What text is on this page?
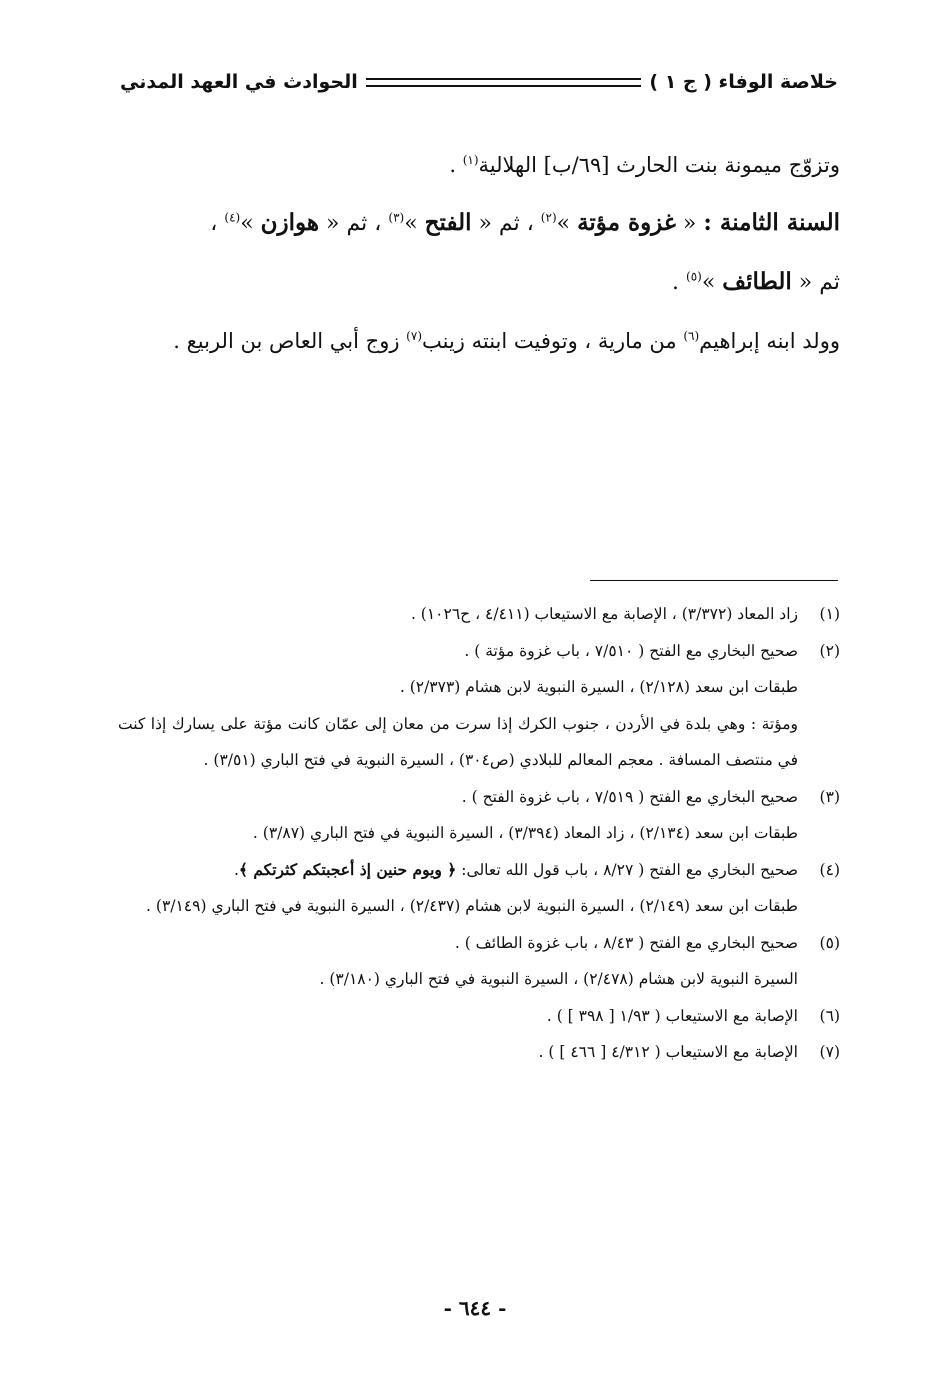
خلاصة الوفاء ( ج ١ )
الحوادث في العهد المدني

وتزوّج ميمونة بنت الحارث [٦٩/ب] الهلالية$^{(١)}$ .

السنة الثامنة : « غزوة مؤتة »$^{(٢)}$ ، ثم « الفتح »$^{(٣)}$ ، ثم « هوازن »$^{(٤)}$ ،
ثم « الطائف »$^{(٥)}$ .

وولد ابنه إبراهيم$^{(٦)}$ من مارية ، وتوفيت ابنته زينب$^{(٧)}$ زوج أبي العاص بن الربيع .

(١)
زاد المعاد (٣/٣٧٢) ، الإصابة مع الاستيعاب (٤/٤١١ ، ح١٠٢٦) .
(٢)
صحيح البخاري مع الفتح ( ٧/٥١٠ ، باب غزوة مؤتة ) .
طبقات ابن سعد (٢/١٢٨) ، السيرة النبوية لابن هشام (٢/٣٧٣) .
ومؤتة : وهي بلدة في الأردن ، جنوب الكرك إذا سرت من معان إلى عمّان كانت مؤتة على يسارك إذا كنت في منتصف المسافة . معجم المعالم للبلادي (ص٣٠٤) ، السيرة النبوية في فتح الباري (٣/٥١) .
(٣)
صحيح البخاري مع الفتح ( ٧/٥١٩ ، باب غزوة الفتح ) .
طبقات ابن سعد (٢/١٣٤) ، زاد المعاد (٣/٣٩٤) ، السيرة النبوية في فتح الباري (٣/٨٧) .
(٤)
صحيح البخاري مع الفتح ( ٨/٢٧ ، باب قول الله تعالى: ﴿ ويوم حنين إذ أعجبتكم كثرتكم ﴾.
طبقات ابن سعد (٢/١٤٩) ، السيرة النبوية لابن هشام (٢/٤٣٧) ، السيرة النبوية في فتح الباري (٣/١٤٩) .
(٥)
صحيح البخاري مع الفتح ( ٨/٤٣ ، باب غزوة الطائف ) .
السيرة النبوية لابن هشام (٢/٤٧٨) ، السيرة النبوية في فتح الباري (٣/١٨٠) .
(٦)
الإصابة مع الاستيعاب ( ١/٩٣ [ ٣٩٨ ] ) .
(٧)
الإصابة مع الاستيعاب ( ٤/٣١٢ [ ٤٦٦ ] ) .
- ٦٤٤ -
